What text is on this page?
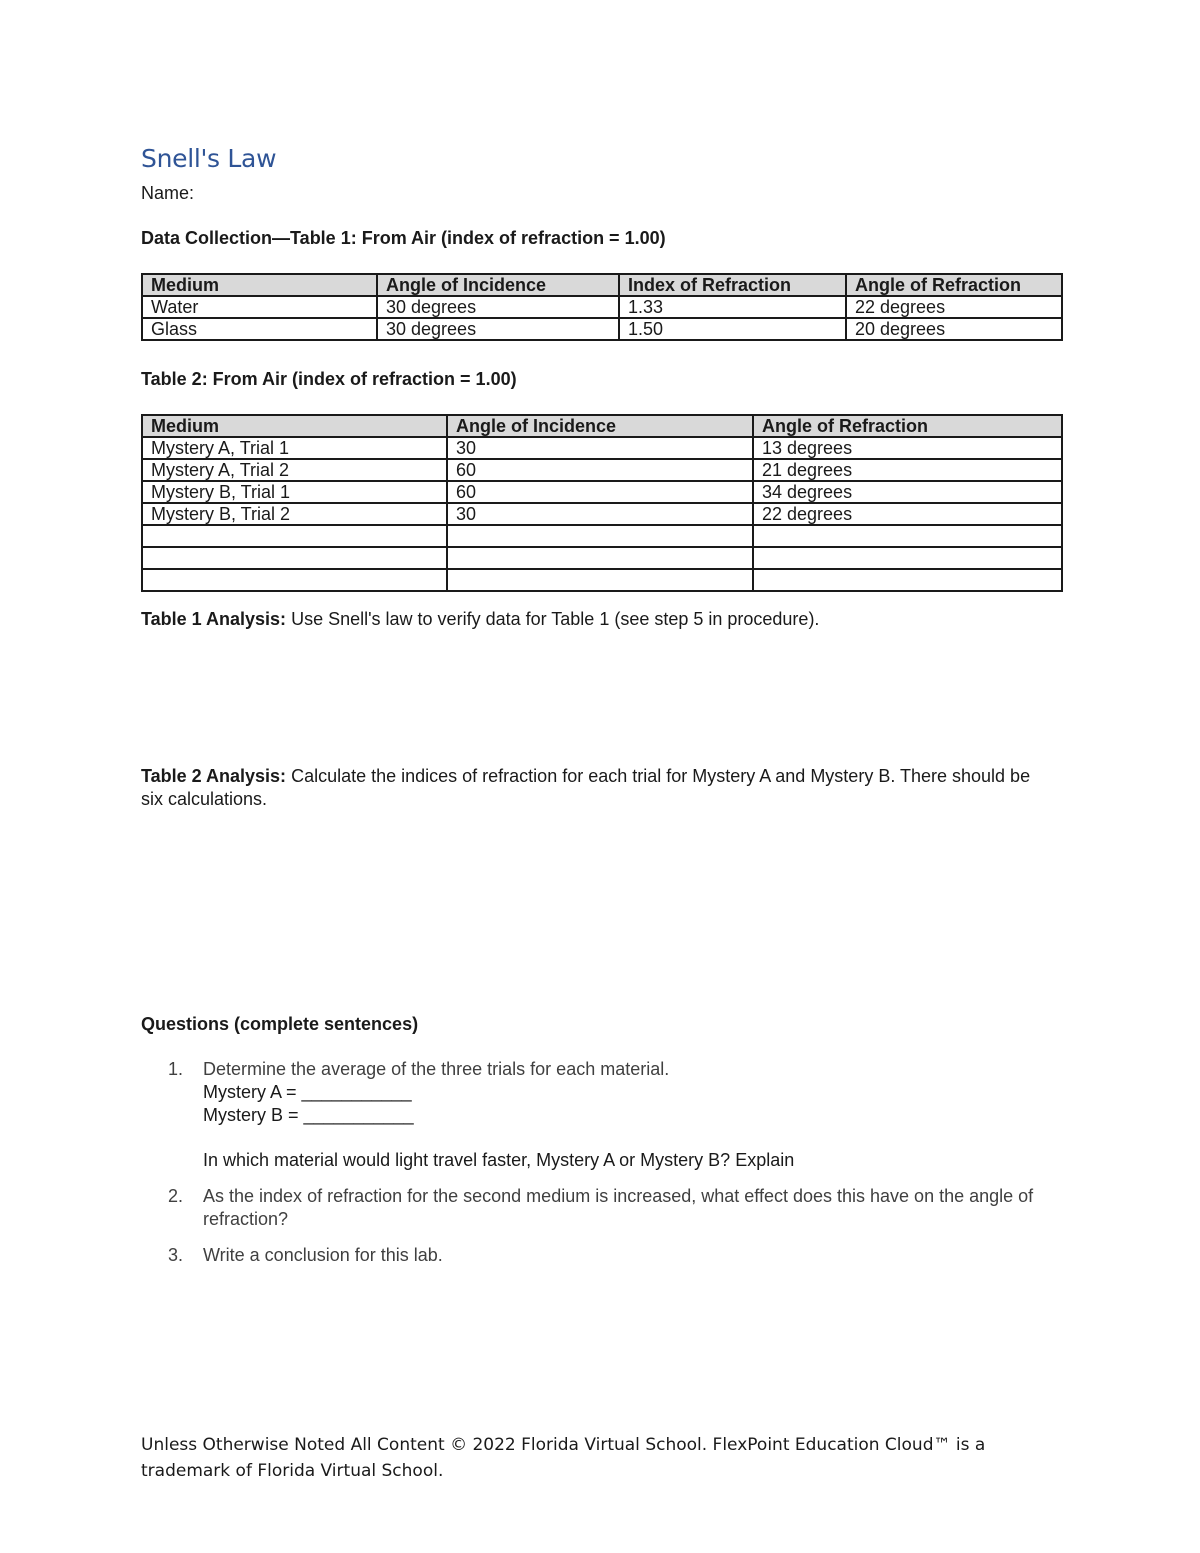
Snell's Law
Name:
Data Collection—Table 1: From Air (index of refraction = 1.00)
Medium	Angle of Incidence	Index of Refraction	Angle of Refraction
Water	30 degrees	1.33	22 degrees
Glass	30 degrees	1.50	20 degrees
Table 2: From Air (index of refraction = 1.00)
Medium	Angle of Incidence	Angle of Refraction
Mystery A, Trial 1	30	13 degrees
Mystery A, Trial 2	60	21 degrees
Mystery B, Trial 1	60	34 degrees
Mystery B, Trial 2	30	22 degrees

Table 1 Analysis: Use Snell's law to verify data for Table 1 (see step 5 in procedure).

Table 2 Analysis: Calculate the indices of refraction for each trial for Mystery A and Mystery B. There should be six calculations.

Questions (complete sentences)
1. Determine the average of the three trials for each material.
Mystery A = ___________
Mystery B = ___________
In which material would light travel faster, Mystery A or Mystery B? Explain
2. As the index of refraction for the second medium is increased, what effect does this have on the angle of refraction?
3. Write a conclusion for this lab.

Unless Otherwise Noted All Content © 2022 Florida Virtual School. FlexPoint Education Cloud™ is a trademark of Florida Virtual School.
